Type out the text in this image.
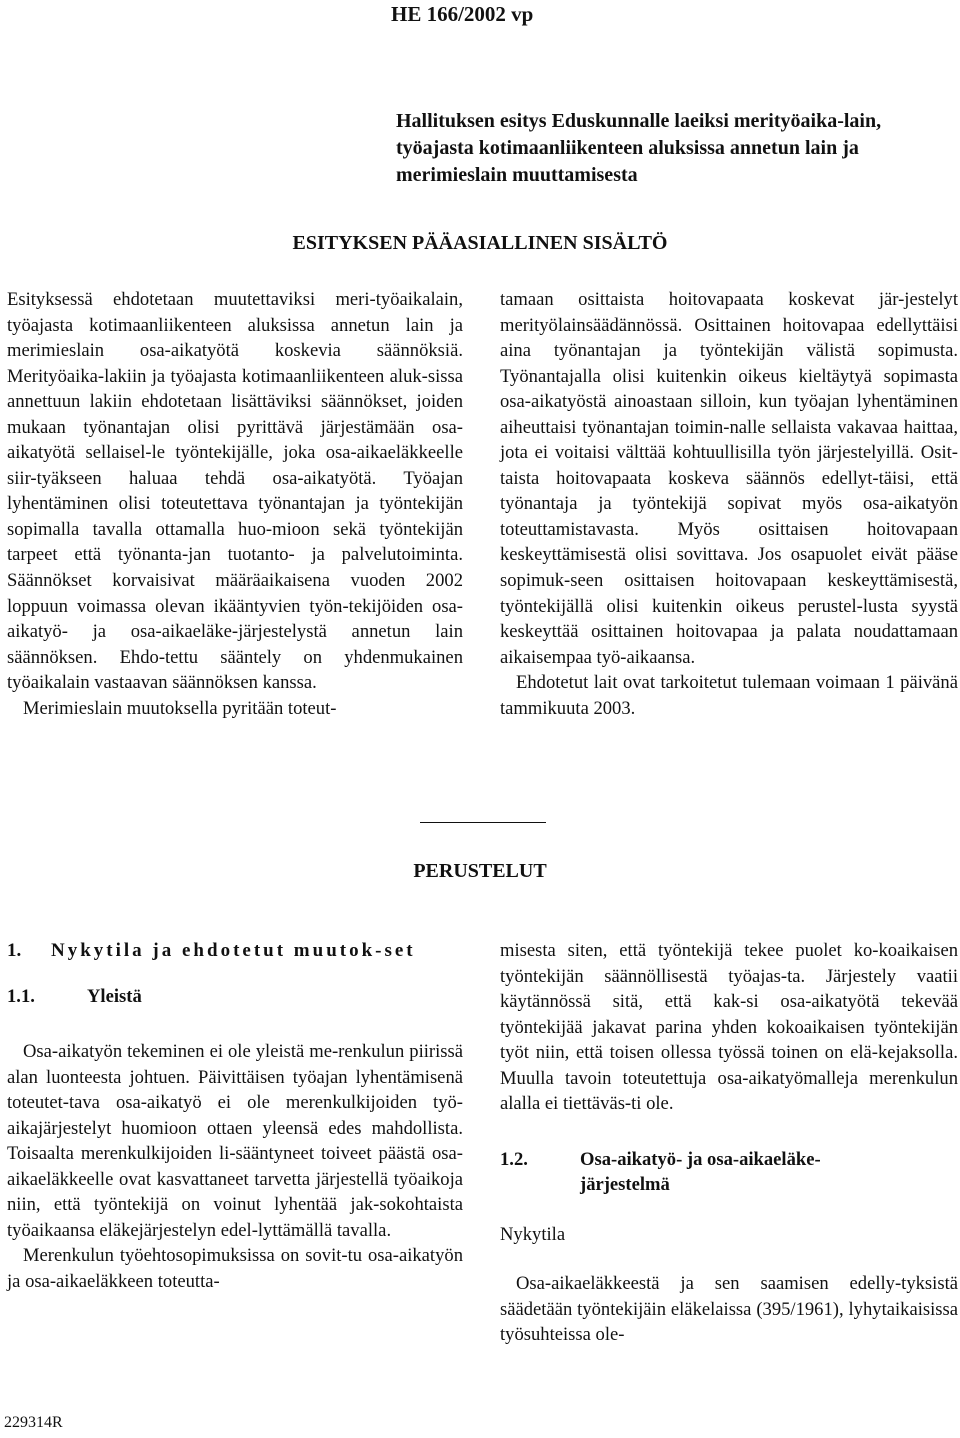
HE 166/2002 vp
Hallituksen esitys Eduskunnalle laeiksi merityöaika-lain, työajasta kotimaanliikenteen aluksissa annetun lain ja merimieslain muuttamisesta
ESITYKSEN PÄÄASIALLINEN SISÄLTÖ

Esityksessä ehdotetaan muutettaviksi meri-työaikalain, työajasta kotimaanliikenteen aluksissa annetun lain ja merimieslain osa-aikatyötä koskevia säännöksiä. Merityöaika-lakiin ja työajasta kotimaanliikenteen aluk-sissa annettuun lakiin ehdotetaan lisättäviksi säännökset, joiden mukaan työnantajan olisi pyrittävä järjestämään osa-aikatyötä sellaisel-le työntekijälle, joka osa-aikaeläkkeelle siir-tyäkseen haluaa tehdä osa-aikatyötä. Työajan lyhentäminen olisi toteutettava työnantajan ja työntekijän sopimalla tavalla ottamalla huo-mioon sekä työntekijän tarpeet että työnanta-jan tuotanto- ja palvelutoiminta. Säännökset korvaisivat määräaikaisena vuoden 2002 loppuun voimassa olevan ikääntyvien työn-tekijöiden osa-aikatyö- ja osa-aikaeläke-järjestelystä annetun lain säännöksen. Ehdo-tettu sääntely on yhdenmukainen työaikalain vastaavan säännöksen kanssa.

Merimieslain muutoksella pyritään toteut-

tamaan osittaista hoitovapaata koskevat jär-jestelyt merityölainsäädännössä. Osittainen hoitovapaa edellyttäisi aina työnantajan ja työntekijän välistä sopimusta. Työnantajalla olisi kuitenkin oikeus kieltäytyä sopimasta osa-aikatyöstä ainoastaan silloin, kun työajan lyhentäminen aiheuttaisi työnantajan toimin-nalle sellaista vakavaa haittaa, jota ei voitaisi välttää kohtuullisilla työn järjestelyillä. Osit-taista hoitovapaata koskeva säännös edellyt-täisi, että työnantaja ja työntekijä sopivat myös osa-aikatyön toteuttamistavasta. Myös osittaisen hoitovapaan keskeyttämisestä olisi sovittava. Jos osapuolet eivät pääse sopimuk-seen osittaisen hoitovapaan keskeyttämisestä, työntekijällä olisi kuitenkin oikeus perustel-lusta syystä keskeyttää osittainen hoitovapaa ja palata noudattamaan aikaisempaa työ-aikaansa.

Ehdotetut lait ovat tarkoitetut tulemaan voimaan 1 päivänä tammikuuta 2003.

PERUSTELUT
1.	Nykytila ja ehdotetut muutok-set
1.1.	Yleistä

Osa-aikatyön tekeminen ei ole yleistä me-renkulun piirissä alan luonteesta johtuen. Päivittäisen työajan lyhentämisenä toteutet-tava osa-aikatyö ei ole merenkulkijoiden työ-aikajärjestelyt huomioon ottaen yleensä edes mahdollista. Toisaalta merenkulkijoiden li-sääntyneet toiveet päästä osa-aikaeläkkeelle ovat kasvattaneet tarvetta järjestellä työaikoja niin, että työntekijä on voinut lyhentää jak-sokohtaista työaikaansa eläkejärjestelyn edel-lyttämällä tavalla.

Merenkulun työehtosopimuksissa on sovit-tu osa-aikatyön ja osa-aikaeläkkeen toteutta-

misesta siten, että työntekijä tekee puolet ko-koaikaisen työntekijän säännöllisestä työajas-ta. Järjestely vaatii käytännössä sitä, että kak-si osa-aikatyötä tekevää työntekijää jakavat parina yhden kokoaikaisen työntekijän työt niin, että toisen ollessa työssä toinen on elä-kejaksolla. Muulla tavoin toteutettuja osa-aikatyömalleja merenkulun alalla ei tiettäväs-ti ole.

1.2.	Osa-aikatyö- ja osa-aikaeläke-järjestelmä

Nykytila

Osa-aikaeläkkeestä ja sen saamisen edelly-tyksistä säädetään työntekijäin eläkelaissa (395/1961), lyhytaikaisissa työsuhteissa ole-

229314R
